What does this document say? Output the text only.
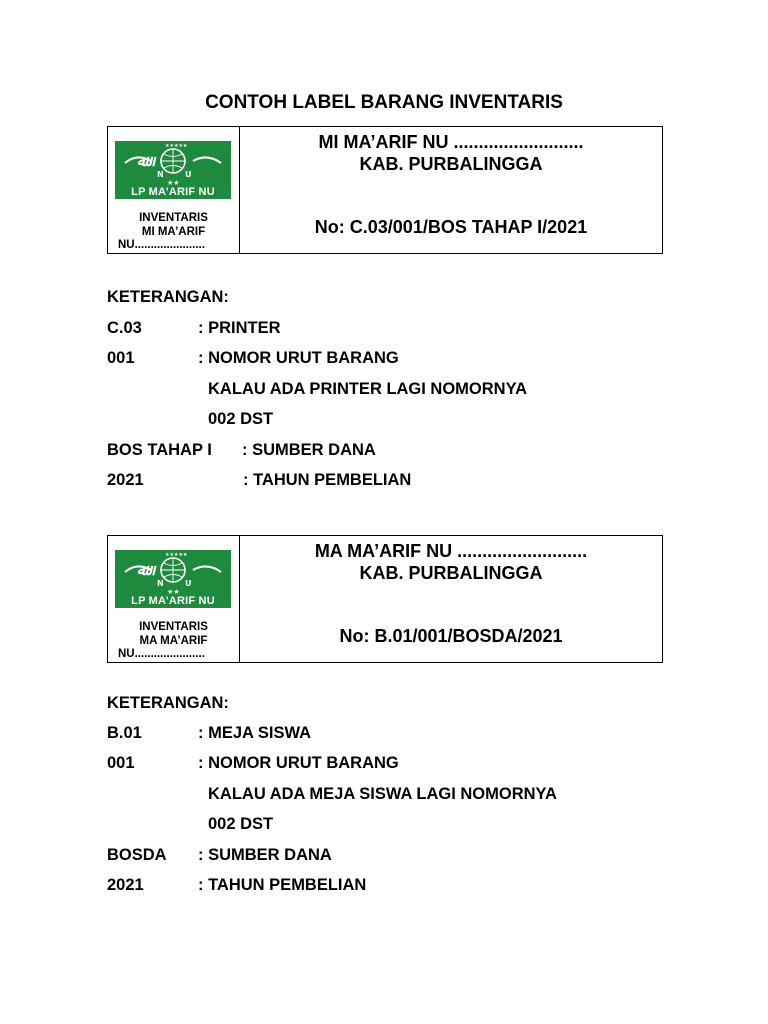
CONTOH LABEL BARANG INVENTARIS
ﷲ
N	U
★★
★★★★★
LP MA’ARIF NU
INVENTARIS
MI MA’ARIF

NU......................
MI MA’ARIF NU ..........................
KAB. PURBALINGGA
No: C.03/001/BOS TAHAP I/2021
KETERANGAN:
C.03	: PRINTER
001	: NOMOR URUT BARANG
KALAU ADA PRINTER LAGI NOMORNYA
002 DST
BOS TAHAP I : SUMBER DANA
2021	: TAHUN PEMBELIAN
ﷲ
N	U
★★
★★★★★
LP MA’ARIF NU
INVENTARIS
MA MA’ARIF

NU......................
MA MA’ARIF NU ..........................
KAB. PURBALINGGA
No: B.01/001/BOSDA/2021
KETERANGAN:
B.01	: MEJA SISWA
001	: NOMOR URUT BARANG
KALAU ADA MEJA SISWA LAGI NOMORNYA
002 DST
BOSDA : SUMBER DANA
2021	: TAHUN PEMBELIAN
